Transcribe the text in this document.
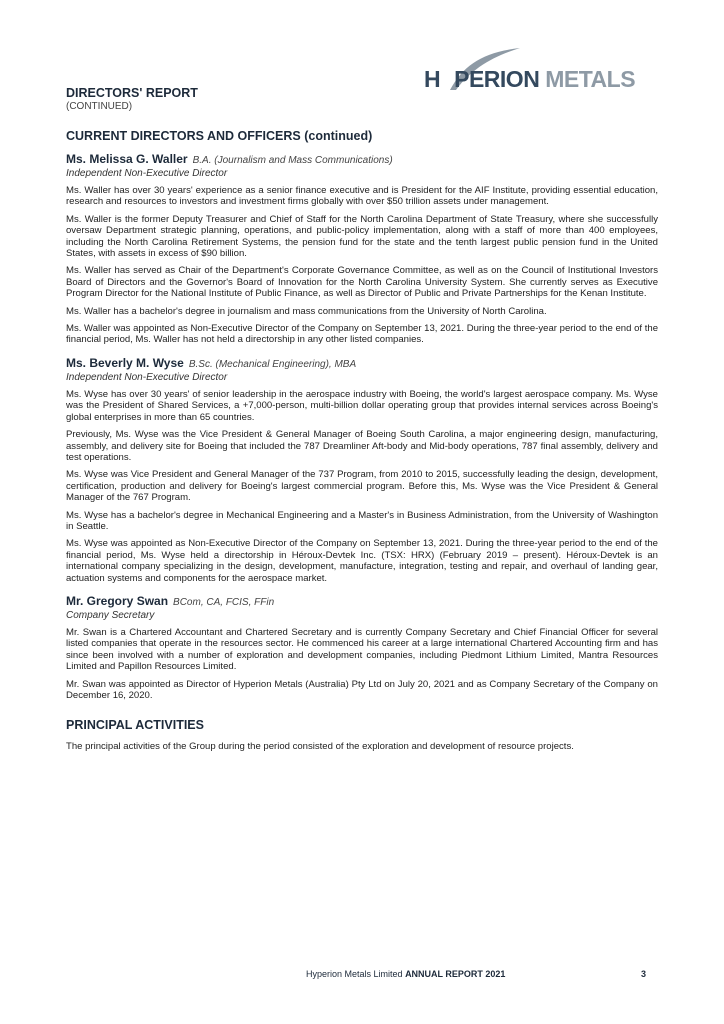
H PERION METALS
DIRECTORS' REPORT
(CONTINUED)
CURRENT DIRECTORS AND OFFICERS (continued)
Ms. Melissa G. Waller B.A. (Journalism and Mass Communications)
Independent Non-Executive Director

Ms. Waller has over 30 years' experience as a senior finance executive and is President for the AIF Institute, providing essential education, research and resources to investors and investment firms globally with over $50 trillion assets under management.

Ms. Waller is the former Deputy Treasurer and Chief of Staff for the North Carolina Department of State Treasury, where she successfully oversaw Department strategic planning, operations, and public-policy implementation, along with a staff of more than 400 employees, including the North Carolina Retirement Systems, the pension fund for the state and the tenth largest public pension fund in the United States, with assets in excess of $90 billion.

Ms. Waller has served as Chair of the Department's Corporate Governance Committee, as well as on the Council of Institutional Investors Board of Directors and the Governor's Board of Innovation for the North Carolina University System. She currently serves as Executive Program Director for the National Institute of Public Finance, as well as Director of Public and Private Partnerships for the Kenan Institute.

Ms. Waller has a bachelor's degree in journalism and mass communications from the University of North Carolina.

Ms. Waller was appointed as Non-Executive Director of the Company on September 13, 2021. During the three-year period to the end of the financial period, Ms. Waller has not held a directorship in any other listed companies.

Ms. Beverly M. Wyse B.Sc. (Mechanical Engineering), MBA
Independent Non-Executive Director

Ms. Wyse has over 30 years' of senior leadership in the aerospace industry with Boeing, the world's largest aerospace company. Ms. Wyse was the President of Shared Services, a +7,000-person, multi-billion dollar operating group that provides internal services across Boeing's global enterprises in more than 65 countries.

Previously, Ms. Wyse was the Vice President & General Manager of Boeing South Carolina, a major engineering design, manufacturing, assembly, and delivery site for Boeing that included the 787 Dreamliner Aft-body and Mid-body operations, 787 final assembly, delivery and test operations.

Ms. Wyse was Vice President and General Manager of the 737 Program, from 2010 to 2015, successfully leading the design, development, certification, production and delivery for Boeing's largest commercial program. Before this, Ms. Wyse was the Vice President & General Manager of the 767 Program.

Ms. Wyse has a bachelor's degree in Mechanical Engineering and a Master's in Business Administration, from the University of Washington in Seattle.

Ms. Wyse was appointed as Non-Executive Director of the Company on September 13, 2021. During the three-year period to the end of the financial period, Ms. Wyse held a directorship in Héroux-Devtek Inc. (TSX: HRX) (February 2019 – present). Héroux-Devtek is an international company specializing in the design, development, manufacture, integration, testing and repair, and overhaul of landing gear, actuation systems and components for the aerospace market.

Mr. Gregory Swan BCom, CA, FCIS, FFin
Company Secretary

Mr. Swan is a Chartered Accountant and Chartered Secretary and is currently Company Secretary and Chief Financial Officer for several listed companies that operate in the resources sector. He commenced his career at a large international Chartered Accounting firm and has since been involved with a number of exploration and development companies, including Piedmont Lithium Limited, Mantra Resources Limited and Papillon Resources Limited.

Mr. Swan was appointed as Director of Hyperion Metals (Australia) Pty Ltd on July 20, 2021 and as Company Secretary of the Company on December 16, 2020.

PRINCIPAL ACTIVITIES

The principal activities of the Group during the period consisted of the exploration and development of resource projects.

Hyperion Metals Limited ANNUAL REPORT 2021	3
